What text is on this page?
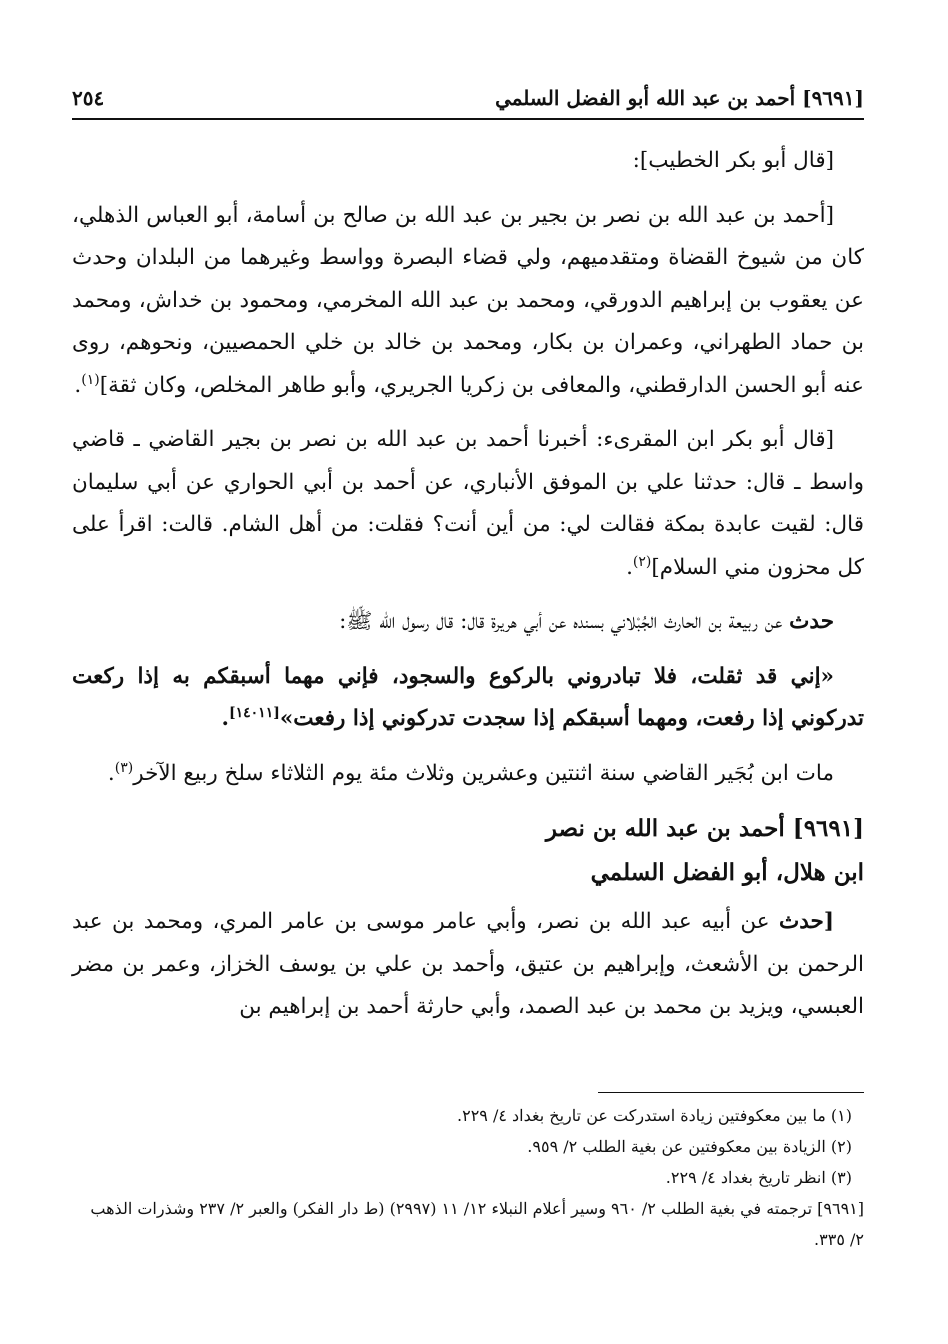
[٩٦٩١] أحمد بن عبد الله أبو الفضل السلمي
٢٥٤

[قال أبو بكر الخطيب]:

[أحمد بن عبد الله بن نصر بن بجير بن عبد الله بن صالح بن أسامة، أبو العباس الذهلي، كان من شيوخ القضاة ومتقدميهم، ولي قضاء البصرة وواسط وغيرهما من البلدان وحدث عن يعقوب بن إبراهيم الدورقي، ومحمد بن عبد الله المخرمي، ومحمود بن خداش، ومحمد بن حماد الطهراني، وعمران بن بكار، ومحمد بن خالد بن خلي الحمصيين، ونحوهم، روى عنه أبو الحسن الدارقطني، والمعافى بن زكريا الجريري، وأبو طاهر المخلص، وكان ثقة]$^{(١)}$.

[قال أبو بكر ابن المقرىء: أخبرنا أحمد بن عبد الله بن نصر بن بجير القاضي ـ قاضي واسط ـ قال: حدثنا علي بن الموفق الأنباري، عن أحمد بن أبي الحواري عن أبي سليمان قال: لقيت عابدة بمكة فقالت لي: من أين أنت؟ فقلت: من أهل الشام. قالت: اقرأ على كل محزون مني السلام]$^{(٢)}$.

حدث عن ربيعة بن الحارث الجُبْلاني بسنده عن أبي هريرة قال: قال رسول الله ﷺ:

«إني قد ثقلت، فلا تبادروني بالركوع والسجود، فإني مهما أسبقكم به إذا ركعت تدركوني إذا رفعت، ومهما أسبقكم إذا سجدت تدركوني إذا رفعت»[١٤٠١١].

مات ابن بُجَير القاضي سنة اثنتين وعشرين وثلاث مئة يوم الثلاثاء سلخ ربيع الآخر$^{(٣)}$.

[٩٦٩١] أحمد بن عبد الله بن نصر
ابن هلال، أبو الفضل السلمي

[حدث عن أبيه عبد الله بن نصر، وأبي عامر موسى بن عامر المري، ومحمد بن عبد الرحمن بن الأشعث، وإبراهيم بن عتيق، وأحمد بن علي بن يوسف الخزاز، وعمر بن مضر العبسي، ويزيد بن محمد بن عبد الصمد، وأبي حارثة أحمد بن إبراهيم بن

(١) ما بين معكوفتين زيادة استدركت عن تاريخ بغداد ٤/ ٢٢٩.
(٢) الزيادة بين معكوفتين عن بغية الطلب ٢/ ٩٥٩.
(٣) انظر تاريخ بغداد ٤/ ٢٢٩.
[٩٦٩١] ترجمته في بغية الطلب ٢/ ٩٦٠ وسير أعلام النبلاء ١٢/ ١١ (٢٩٩٧) (ط دار الفكر) والعبر ٢/ ٢٣٧ وشذرات الذهب ٢/ ٣٣٥.
